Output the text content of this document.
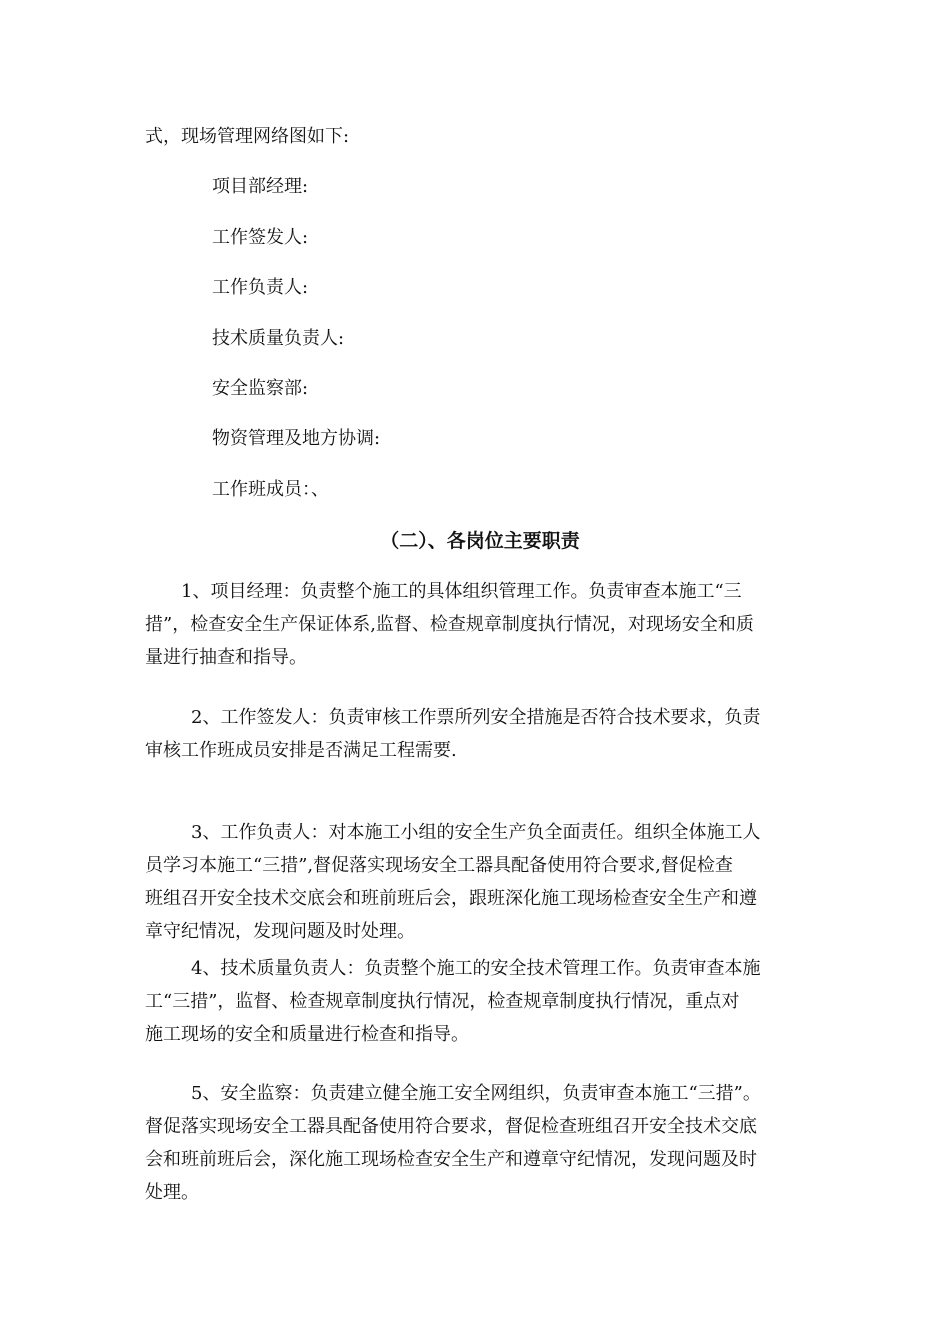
式，现场管理网络图如下:
项目部经理:
工作签发人:
工作负责人:
技术质量负责人:
安全监察部:
物资管理及地方协调:
工作班成员：、
（二）、各岗位主要职责

1、项目经理：负责整个施工的具体组织管理工作。负责审查本施工“三

措”，检查安全生产保证体系,监督、检查规章制度执行情况，对现场安全和质

量进行抽查和指导。

2、工作签发人：负责审核工作票所列安全措施是否符合技术要求，负责

审核工作班成员安排是否满足工程需要.

3、工作负责人：对本施工小组的安全生产负全面责任。组织全体施工人

员学习本施工“三措”,督促落实现场安全工器具配备使用符合要求,督促检查

班组召开安全技术交底会和班前班后会，跟班深化施工现场检查安全生产和遵

章守纪情况，发现问题及时处理。

4、技术质量负责人：负责整个施工的安全技术管理工作。负责审查本施

工“三措”，监督、检查规章制度执行情况，检查规章制度执行情况，重点对

施工现场的安全和质量进行检查和指导。

5、安全监察：负责建立健全施工安全网组织，负责审查本施工“三措”。

督促落实现场安全工器具配备使用符合要求，督促检查班组召开安全技术交底

会和班前班后会，深化施工现场检查安全生产和遵章守纪情况，发现问题及时

处理。
